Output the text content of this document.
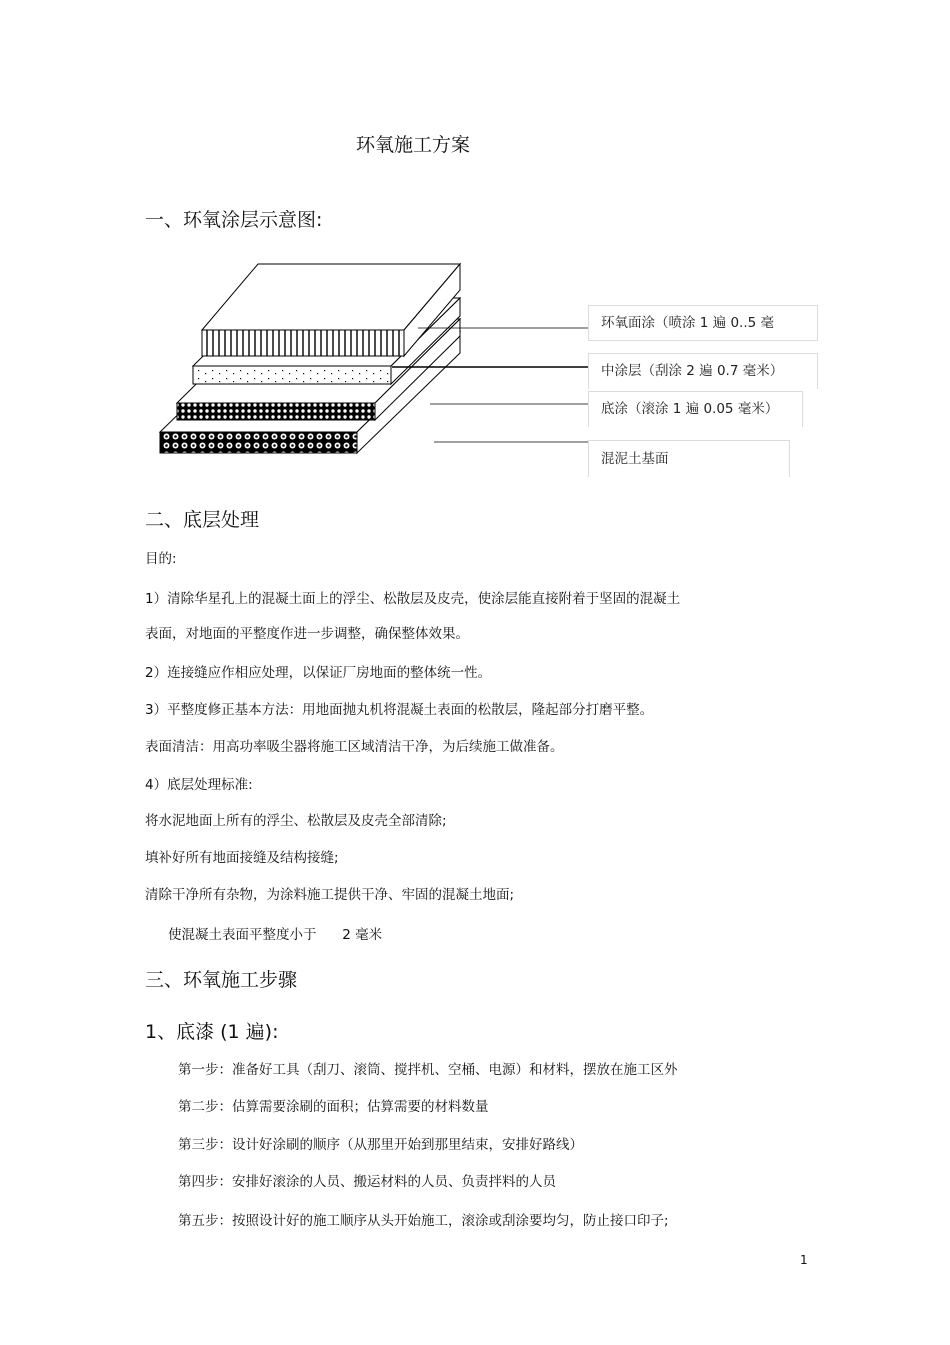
环氧施工方案
一、环氧涂层示意图:
环氧面涂（喷涂 1 遍 0..5 毫
中涂层（刮涂 2 遍 0.7 毫米）
底涂（滚涂 1 遍 0.05 毫米）
混泥土基面
二、底层处理
目的:
1）清除华星孔上的混凝土面上的浮尘、松散层及皮壳，使涂层能直接附着于坚固的混凝土
表面，对地面的平整度作进一步调整，确保整体效果。
2）连接缝应作相应处理，以保证厂房地面的整体统一性。
3）平整度修正基本方法：用地面抛丸机将混凝土表面的松散层，隆起部分打磨平整。
表面清洁：用高功率吸尘器将施工区域清洁干净，为后续施工做准备。
4）底层处理标准:
将水泥地面上所有的浮尘、松散层及皮壳全部清除;
填补好所有地面接缝及结构接缝;
清除干净所有杂物，为涂料施工提供干净、牢固的混凝土地面;
使混凝土表面平整度小于      2 毫米
三、环氧施工步骤
1、底漆 (1 遍):
第一步：准备好工具（刮刀、滚筒、搅拌机、空桶、电源）和材料，摆放在施工区外
第二步：估算需要涂刷的面积；估算需要的材料数量
第三步：设计好涂刷的顺序（从那里开始到那里结束，安排好路线）
第四步：安排好滚涂的人员、搬运材料的人员、负责拌料的人员
第五步：按照设计好的施工顺序从头开始施工，滚涂或刮涂要均匀，防止接口印子;
1
